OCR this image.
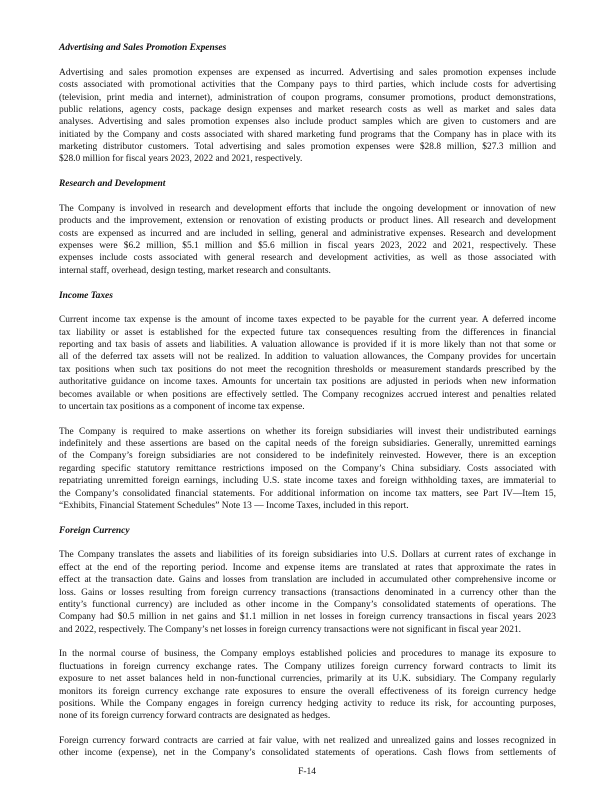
Advertising and Sales Promotion Expenses
Advertising and sales promotion expenses are expensed as incurred. Advertising and sales promotion expenses include
costs associated with promotional activities that the Company pays to third parties, which include costs for advertising
(television, print media and internet), administration of coupon programs, consumer promotions, product demonstrations,
public relations, agency costs, package design expenses and market research costs as well as market and sales data
analyses. Advertising and sales promotion expenses also include product samples which are given to customers and are
initiated by the Company and costs associated with shared marketing fund programs that the Company has in place with its
marketing distributor customers. Total advertising and sales promotion expenses were $28.8 million, $27.3 million and
$28.0 million for fiscal years 2023, 2022 and 2021, respectively.
Research and Development
The Company is involved in research and development efforts that include the ongoing development or innovation of new
products and the improvement, extension or renovation of existing products or product lines. All research and development
costs are expensed as incurred and are included in selling, general and administrative expenses. Research and development
expenses were $6.2 million, $5.1 million and $5.6 million in fiscal years 2023, 2022 and 2021, respectively. These
expenses include costs associated with general research and development activities, as well as those associated with
internal staff, overhead, design testing, market research and consultants.
Income Taxes
Current income tax expense is the amount of income taxes expected to be payable for the current year. A deferred income
tax liability or asset is established for the expected future tax consequences resulting from the differences in financial
reporting and tax basis of assets and liabilities. A valuation allowance is provided if it is more likely than not that some or
all of the deferred tax assets will not be realized. In addition to valuation allowances, the Company provides for uncertain
tax positions when such tax positions do not meet the recognition thresholds or measurement standards prescribed by the
authoritative guidance on income taxes. Amounts for uncertain tax positions are adjusted in periods when new information
becomes available or when positions are effectively settled. The Company recognizes accrued interest and penalties related
to uncertain tax positions as a component of income tax expense.
The Company is required to make assertions on whether its foreign subsidiaries will invest their undistributed earnings
indefinitely and these assertions are based on the capital needs of the foreign subsidiaries. Generally, unremitted earnings
of the Company’s foreign subsidiaries are not considered to be indefinitely reinvested. However, there is an exception
regarding specific statutory remittance restrictions imposed on the Company’s China subsidiary. Costs associated with
repatriating unremitted foreign earnings, including U.S. state income taxes and foreign withholding taxes, are immaterial to
the Company’s consolidated financial statements. For additional information on income tax matters, see Part IV—Item 15,
“Exhibits, Financial Statement Schedules” Note 13 — Income Taxes, included in this report.
Foreign Currency
The Company translates the assets and liabilities of its foreign subsidiaries into U.S. Dollars at current rates of exchange in
effect at the end of the reporting period. Income and expense items are translated at rates that approximate the rates in
effect at the transaction date. Gains and losses from translation are included in accumulated other comprehensive income or
loss. Gains or losses resulting from foreign currency transactions (transactions denominated in a currency other than the
entity’s functional currency) are included as other income in the Company’s consolidated statements of operations. The
Company had $0.5 million in net gains and $1.1 million in net losses in foreign currency transactions in fiscal years 2023
and 2022, respectively. The Company’s net losses in foreign currency transactions were not significant in fiscal year 2021.
In the normal course of business, the Company employs established policies and procedures to manage its exposure to
fluctuations in foreign currency exchange rates. The Company utilizes foreign currency forward contracts to limit its
exposure to net asset balances held in non-functional currencies, primarily at its U.K. subsidiary. The Company regularly
monitors its foreign currency exchange rate exposures to ensure the overall effectiveness of its foreign currency hedge
positions. While the Company engages in foreign currency hedging activity to reduce its risk, for accounting purposes,
none of its foreign currency forward contracts are designated as hedges.
Foreign currency forward contracts are carried at fair value, with net realized and unrealized gains and losses recognized in
other income (expense), net in the Company’s consolidated statements of operations. Cash flows from settlements of
F-14
